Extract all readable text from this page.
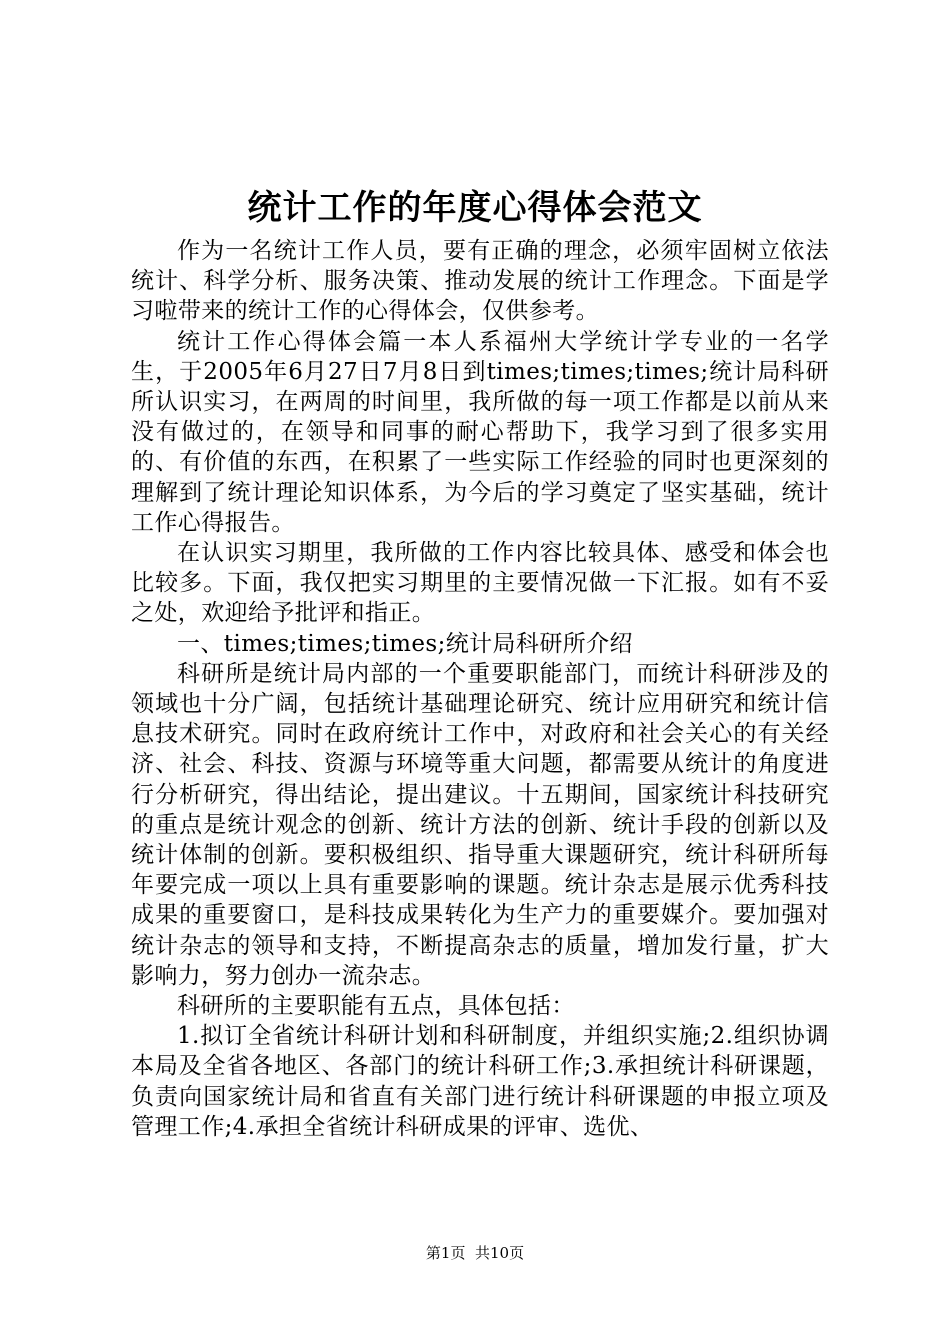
统计工作的年度心得体会范文

作为一名统计工作人员，要有正确的理念，必须牢固树立依法统计、科学分析、服务决策、推动发展的统计工作理念。下面是学习啦带来的统计工作的心得体会，仅供参考。

统计工作心得体会篇一本人系福州大学统计学专业的一名学生，于2005年6月27日7月8日到times;times;times;统计局科研所认识实习，在两周的时间里，我所做的每一项工作都是以前从来没有做过的，在领导和同事的耐心帮助下，我学习到了很多实用的、有价值的东西，在积累了一些实际工作经验的同时也更深刻的理解到了统计理论知识体系，为今后的学习奠定了坚实基础，统计工作心得报告。

在认识实习期里，我所做的工作内容比较具体、感受和体会也比较多。下面，我仅把实习期里的主要情况做一下汇报。如有不妥之处，欢迎给予批评和指正。

一、times;times;times;统计局科研所介绍

科研所是统计局内部的一个重要职能部门，而统计科研涉及的领域也十分广阔，包括统计基础理论研究、统计应用研究和统计信息技术研究。同时在政府统计工作中，对政府和社会关心的有关经济、社会、科技、资源与环境等重大问题，都需要从统计的角度进行分析研究，得出结论，提出建议。十五期间，国家统计科技研究的重点是统计观念的创新、统计方法的创新、统计手段的创新以及统计体制的创新。要积极组织、指导重大课题研究，统计科研所每年要完成一项以上具有重要影响的课题。统计杂志是展示优秀科技成果的重要窗口，是科技成果转化为生产力的重要媒介。要加强对统计杂志的领导和支持，不断提高杂志的质量，增加发行量，扩大影响力，努力创办一流杂志。

科研所的主要职能有五点，具体包括：

1.拟订全省统计科研计划和科研制度，并组织实施;2.组织协调本局及全省各地区、各部门的统计科研工作;3.承担统计科研课题，负责向国家统计局和省直有关部门进行统计科研课题的申报立项及管理工作;4.承担全省统计科研成果的评审、选优、

第1页 共10页
